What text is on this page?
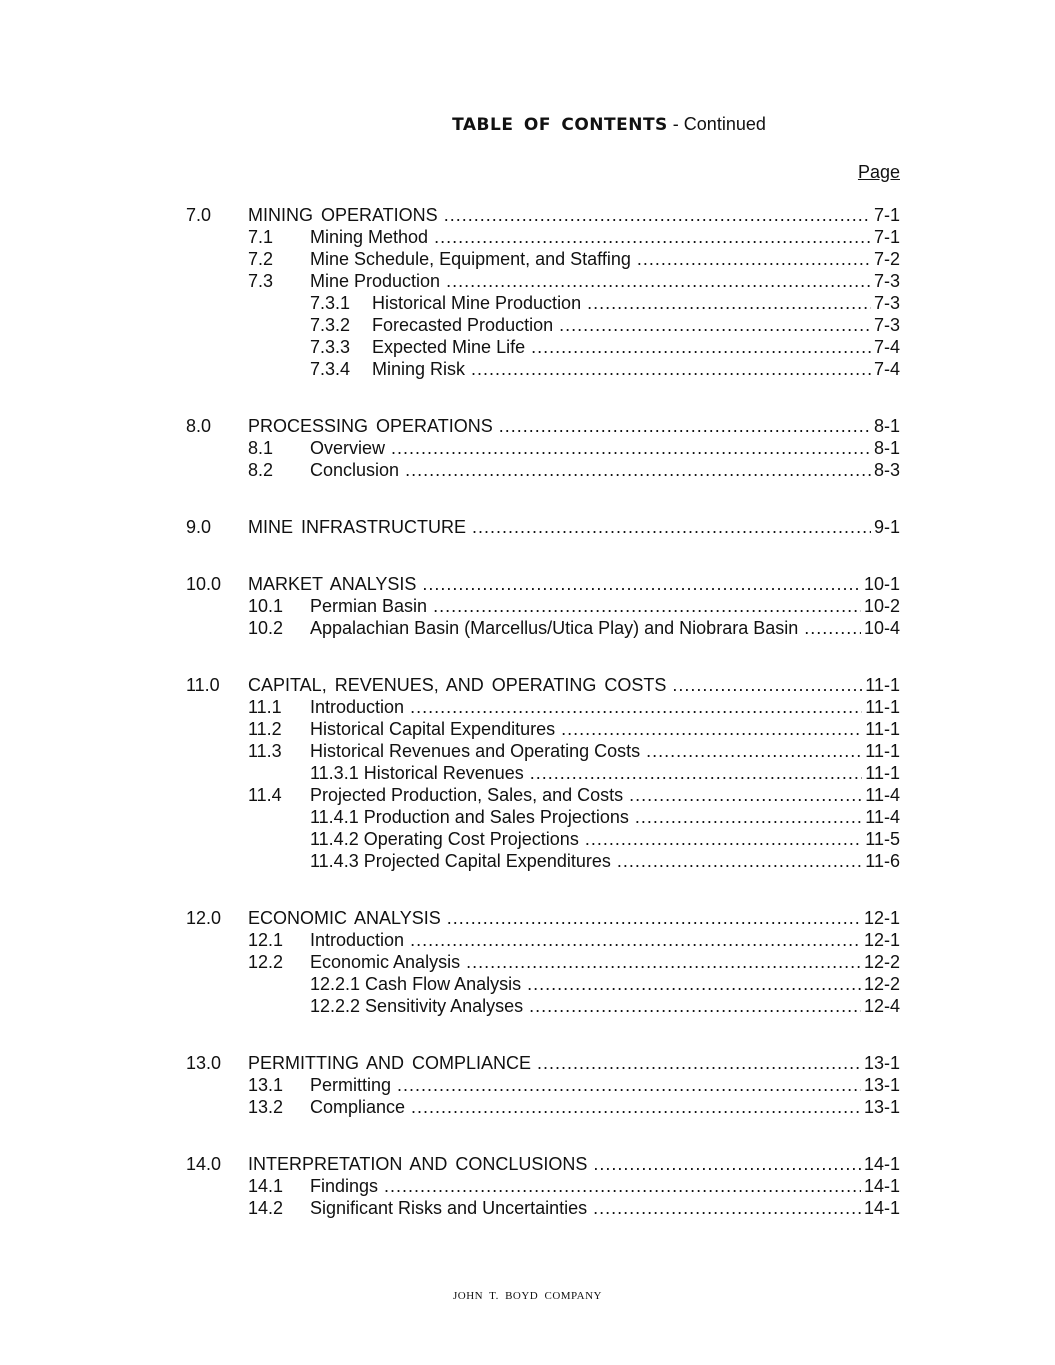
TABLE OF CONTENTS - Continued
Page
7.0 MINING OPERATIONS .....	7-1
7.1 Mining Method .....	7-1
7.2 Mine Schedule, Equipment, and Staffing .....	7-2
7.3 Mine Production .....	7-3
7.3.1 Historical Mine Production .....	7-3
7.3.2 Forecasted Production .....	7-3
7.3.3 Expected Mine Life .....	7-4
7.3.4 Mining Risk .....	7-4
8.0 PROCESSING OPERATIONS .....	8-1
8.1 Overview .....	8-1
8.2 Conclusion .....	8-3
9.0 MINE INFRASTRUCTURE .....	9-1
10.0 MARKET ANALYSIS .....	10-1
10.1 Permian Basin .....	10-2
10.2 Appalachian Basin (Marcellus/Utica Play) and Niobrara Basin .....	10-4
11.0 CAPITAL, REVENUES, AND OPERATING COSTS .....	11-1
11.1 Introduction .....	11-1
11.2 Historical Capital Expenditures .....	11-1
11.3 Historical Revenues and Operating Costs .....	11-1
11.3.1 Historical Revenues .....	11-1
11.4 Projected Production, Sales, and Costs .....	11-4
11.4.1 Production and Sales Projections .....	11-4
11.4.2 Operating Cost Projections .....	11-5
11.4.3 Projected Capital Expenditures .....	11-6
12.0 ECONOMIC ANALYSIS .....	12-1
12.1 Introduction .....	12-1
12.2 Economic Analysis .....	12-2
12.2.1 Cash Flow Analysis .....	12-2
12.2.2 Sensitivity Analyses .....	12-4
13.0 PERMITTING AND COMPLIANCE .....	13-1
13.1 Permitting .....	13-1
13.2 Compliance .....	13-1
14.0 INTERPRETATION AND CONCLUSIONS .....	14-1
14.1 Findings .....	14-1
14.2 Significant Risks and Uncertainties .....	14-1
JOHN T. BOYD COMPANY
